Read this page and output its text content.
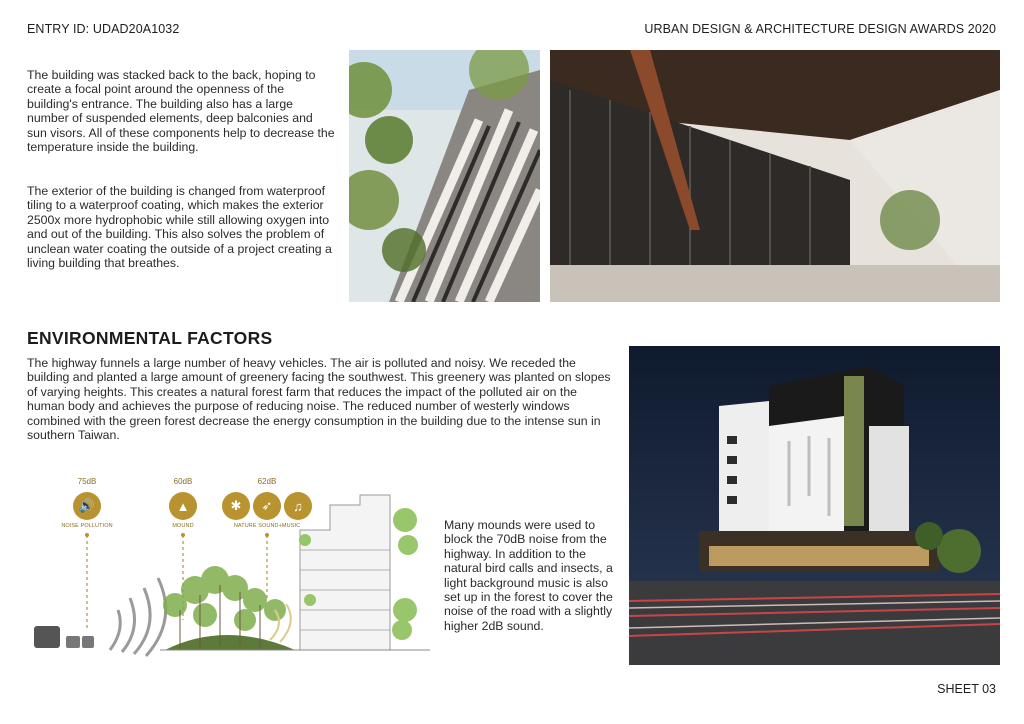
ENTRY ID: UDAD20A1032	URBAN DESIGN & ARCHITECTURE DESIGN AWARDS 2020
The building was stacked back to the back, hoping to create a focal point around the openness of the building's entrance. The building also has a large number of suspended elements, deep balconies and sun visors. All of these components help to decrease the temperature inside the building.
The exterior of the building is changed from waterproof tiling to a waterproof coating, which makes the exterior 2500x more hydrophobic while still allowing oxygen into and out of the building. This also solves the problem of unclean water coating the outside of a project creating a living building that breathes.
ENVIRONMENTAL FACTORS
The highway funnels a large number of heavy vehicles. The air is polluted and noisy. We receded the building and planted a large amount of greenery facing the southwest. This greenery was planted on slopes of varying heights. This creates a natural forest farm that reduces the impact of the polluted air on the human body and achieves the purpose of reducing noise. The reduced number of westerly windows combined with the green forest decrease the energy consumption in the building due to the intense sun in southern Taiwan.
75dB	60dB	62dB
🔊	▲	✱	➶	♫
NOISE POLLUTION	MOUND	NATURE SOUND+MUSIC	Many mounds were used to block the 70dB noise from the highway. In addition to the natural bird calls and insects, a light background music is also set up in the forest to cover the noise of the road with a slightly higher 2dB sound.
SHEET 03
